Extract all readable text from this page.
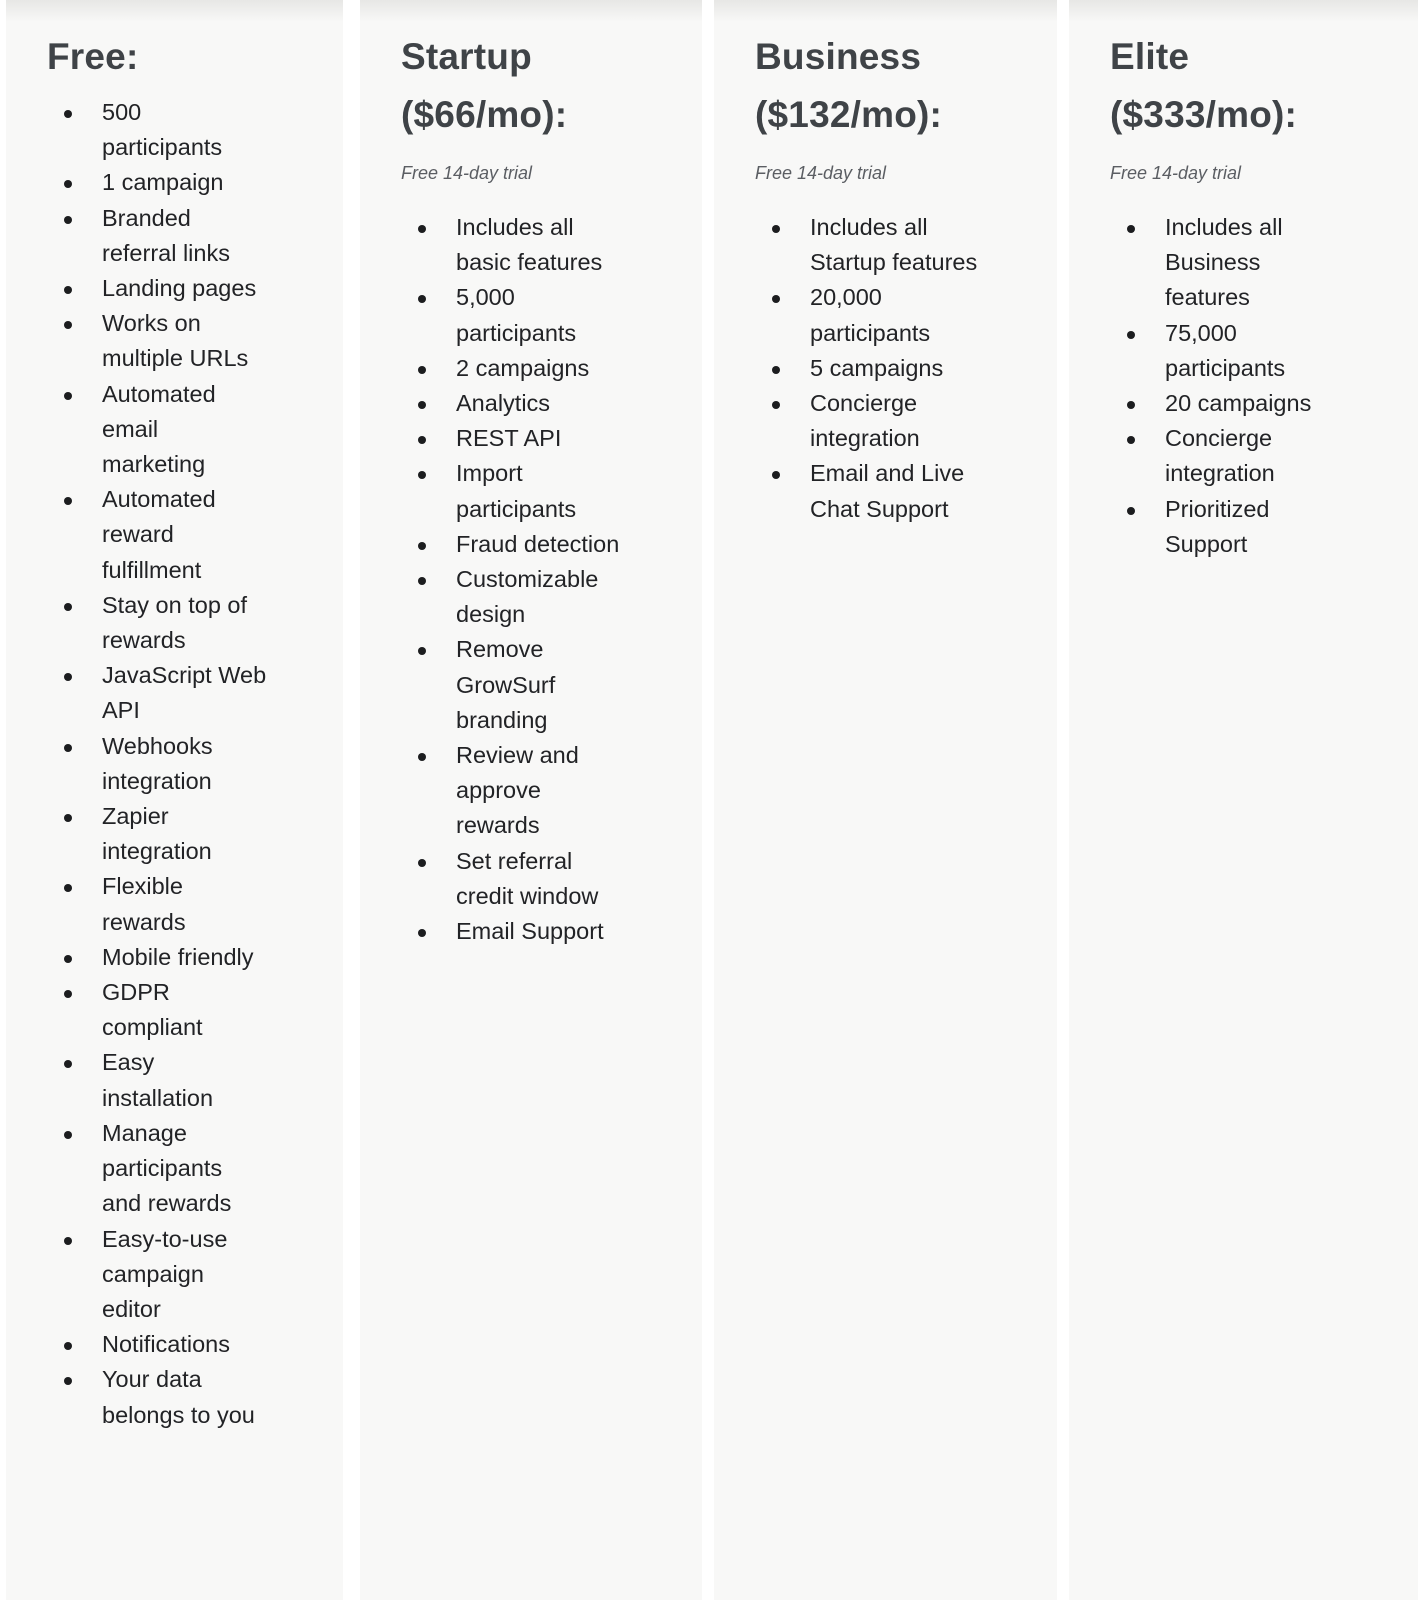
Free:
500 participants
1 campaign
Branded referral links
Landing pages
Works on multiple URLs
Automated email marketing
Automated reward fulfillment
Stay on top of rewards
JavaScript Web API
Webhooks integration
Zapier integration
Flexible rewards
Mobile friendly
GDPR compliant
Easy installation
Manage participants and rewards
Easy-to-use campaign editor
Notifications
Your data belongs to you
Startup ($66/mo):
Free 14-day trial
Includes all basic features
5,000 participants
2 campaigns
Analytics
REST API
Import participants
Fraud detection
Customizable design
Remove GrowSurf branding
Review and approve rewards
Set referral credit window
Email Support
Business ($132/mo):
Free 14-day trial
Includes all Startup features
20,000 participants
5 campaigns
Concierge integration
Email and Live Chat Support
Elite ($333/mo):
Free 14-day trial
Includes all Business features
75,000 participants
20 campaigns
Concierge integration
Prioritized Support
